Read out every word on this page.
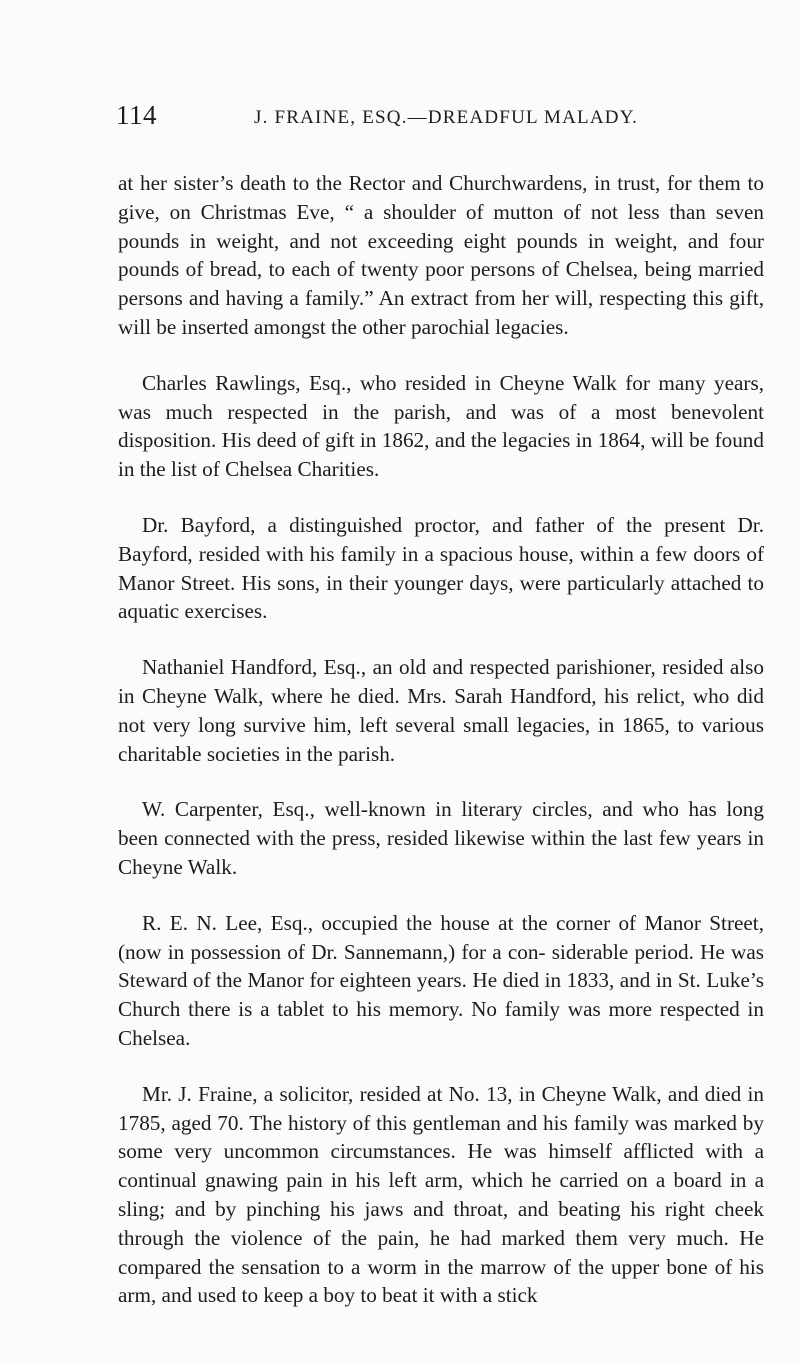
114	J. FRAINE, ESQ.—DREADFUL MALADY.

at her sister’s death to the Rector and Churchwardens, in trust, for them to give, on Christmas Eve, “ a shoulder of mutton of not less than seven pounds in weight, and not exceeding eight pounds in weight, and four pounds of bread, to each of twenty poor persons of Chelsea, being married persons and having a family.” An extract from her will, respecting this gift, will be inserted amongst the other parochial legacies.

Charles Rawlings, Esq., who resided in Cheyne Walk for many years, was much respected in the parish, and was of a most benevolent disposition. His deed of gift in 1862, and the legacies in 1864, will be found in the list of Chelsea Charities.

Dr. Bayford, a distinguished proctor, and father of the present Dr. Bayford, resided with his family in a spacious house, within a few doors of Manor Street. His sons, in their younger days, were particularly attached to aquatic exercises.

Nathaniel Handford, Esq., an old and respected parishioner, resided also in Cheyne Walk, where he died. Mrs. Sarah Handford, his relict, who did not very long survive him, left several small legacies, in 1865, to various charitable societies in the parish.

W. Carpenter, Esq., well-known in literary circles, and who has long been connected with the press, resided likewise within the last few years in Cheyne Walk.

R. E. N. Lee, Esq., occupied the house at the corner of Manor Street, (now in possession of Dr. Sannemann,) for a con- siderable period. He was Steward of the Manor for eighteen years. He died in 1833, and in St. Luke’s Church there is a tablet to his memory. No family was more respected in Chelsea.

Mr. J. Fraine, a solicitor, resided at No. 13, in Cheyne Walk, and died in 1785, aged 70. The history of this gentleman and his family was marked by some very uncommon circumstances. He was himself afflicted with a continual gnawing pain in his left arm, which he carried on a board in a sling; and by pinching his jaws and throat, and beating his right cheek through the violence of the pain, he had marked them very much. He compared the sensation to a worm in the marrow of the upper bone of his arm, and used to keep a boy to beat it with a stick
